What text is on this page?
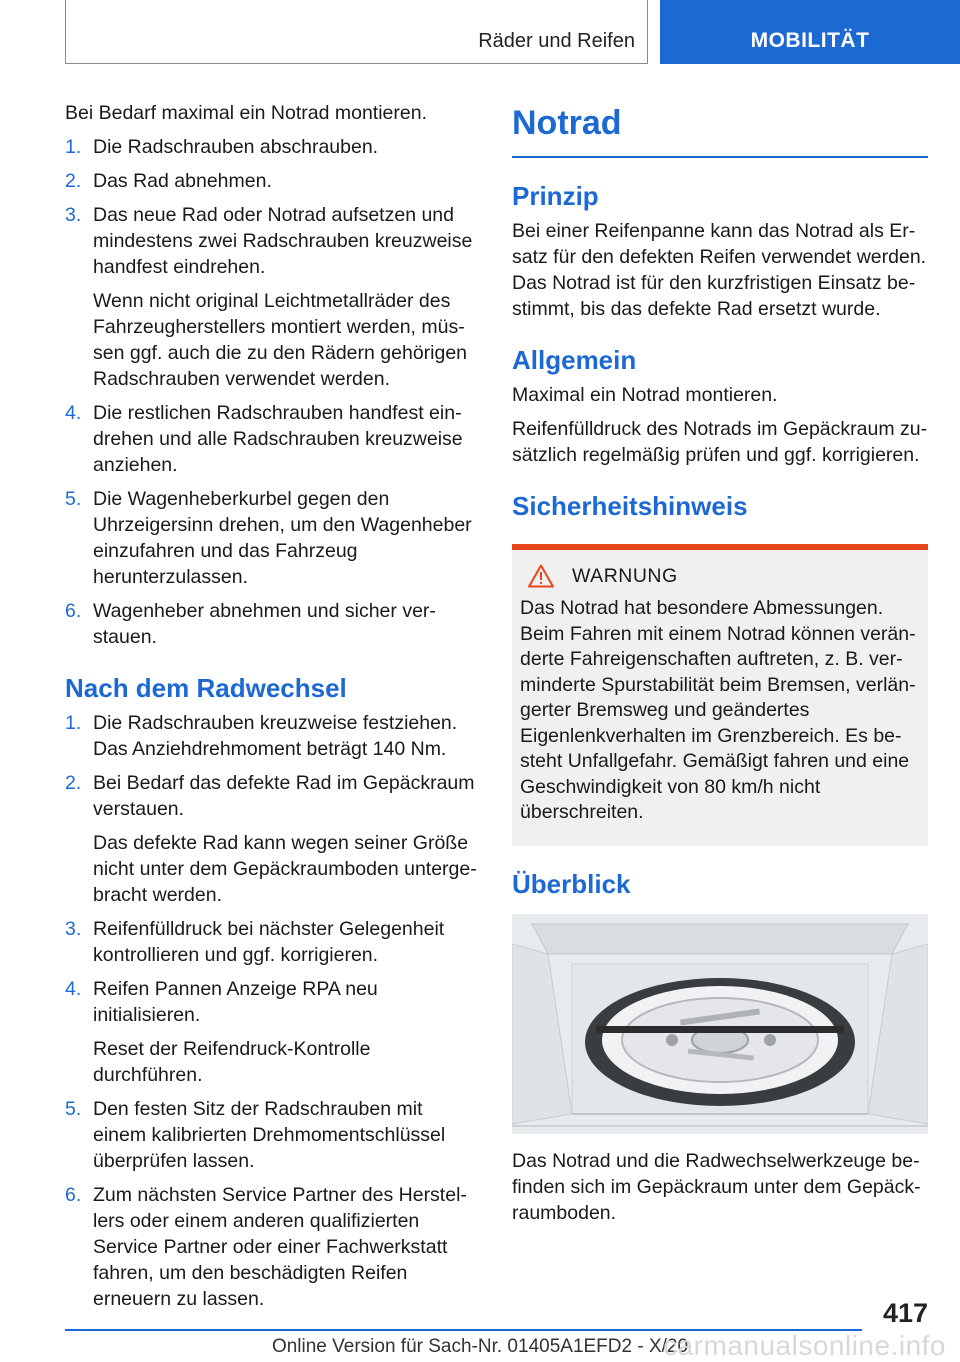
Räder und Reifen	MOBILITÄT

Bei Bedarf maximal ein Notrad montieren.

1. Die Radschrauben abschrauben.
2. Das Rad abnehmen.
3. Das neue Rad oder Notrad aufsetzen und mindestens zwei Radschrauben kreuzweise handfest eindrehen.
Wenn nicht original Leichtmetallräder des Fahrzeugherstellers montiert werden, müssen ggf. auch die zu den Rädern gehörigen Radschrauben verwendet werden.
4. Die restlichen Radschrauben handfest eindrehen und alle Radschrauben kreuzweise anziehen.
5. Die Wagenheberkurbel gegen den Uhrzeigersinn drehen, um den Wagenheber einzufahren und das Fahrzeug herunterzulassen.
6. Wagenheber abnehmen und sicher verstauen.
Nach dem Radwechsel
1. Die Radschrauben kreuzweise festziehen. Das Anziehdrehmoment beträgt 140 Nm.
2. Bei Bedarf das defekte Rad im Gepäckraum verstauen.
Das defekte Rad kann wegen seiner Größe nicht unter dem Gepäckraumboden untergebracht werden.
3. Reifenfülldruck bei nächster Gelegenheit kontrollieren und ggf. korrigieren.
4. Reifen Pannen Anzeige RPA neu initialisieren.
Reset der Reifendruck-Kontrolle durchführen.
5. Den festen Sitz der Radschrauben mit einem kalibrierten Drehmomentschlüssel überprüfen lassen.
6. Zum nächsten Service Partner des Herstellers oder einem anderen qualifizierten Service Partner oder einer Fachwerkstatt fahren, um den beschädigten Reifen erneuern zu lassen.
Notrad
Prinzip

Bei einer Reifenpanne kann das Notrad als Ersatz für den defekten Reifen verwendet werden. Das Notrad ist für den kurzfristigen Einsatz bestimmt, bis das defekte Rad ersetzt wurde.

Allgemein

Maximal ein Notrad montieren.

Reifenfülldruck des Notrads im Gepäckraum zusätzlich regelmäßig prüfen und ggf. korrigieren.

Sicherheitshinweis
WARNUNG

Das Notrad hat besondere Abmessungen. Beim Fahren mit einem Notrad können veränderte Fahreigenschaften auftreten, z. B. verminderte Spurstabilität beim Bremsen, verlängerter Bremsweg und geändertes Eigenlenkverhalten im Grenzbereich. Es besteht Unfallgefahr. Gemäßigt fahren und eine Geschwindigkeit von 80 km/h nicht überschreiten.

Überblick

Das Notrad und die Radwechselwerkzeuge befinden sich im Gepäckraum unter dem Gepäckraumboden.

417
Online Version für Sach-Nr. 01405A1EFD2 - X/20
carmanualsonline.info
